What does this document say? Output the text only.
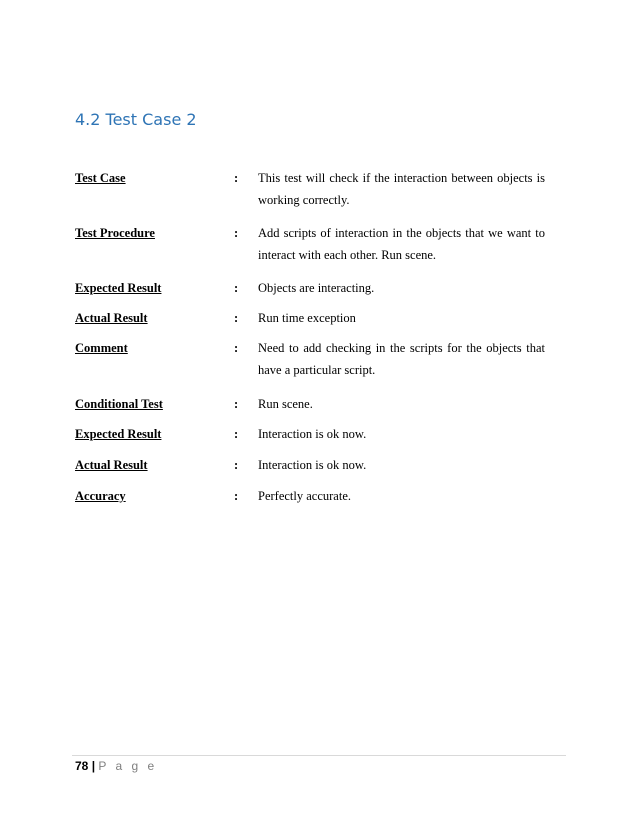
4.2 Test Case 2
Test Case	:	This test will check if the interaction between objects is working correctly.
Test Procedure	:	Add scripts of interaction in the objects that we want to interact with each other. Run scene.
Expected Result	:	Objects are interacting.
Actual Result	:	Run time exception
Comment	:	Need to add checking in the scripts for the objects that have a particular script.
Conditional Test	:	Run scene.
Expected Result	:	Interaction is ok now.
Actual Result	:	Interaction is ok now.
Accuracy	:	Perfectly accurate.
78 | P a g e
